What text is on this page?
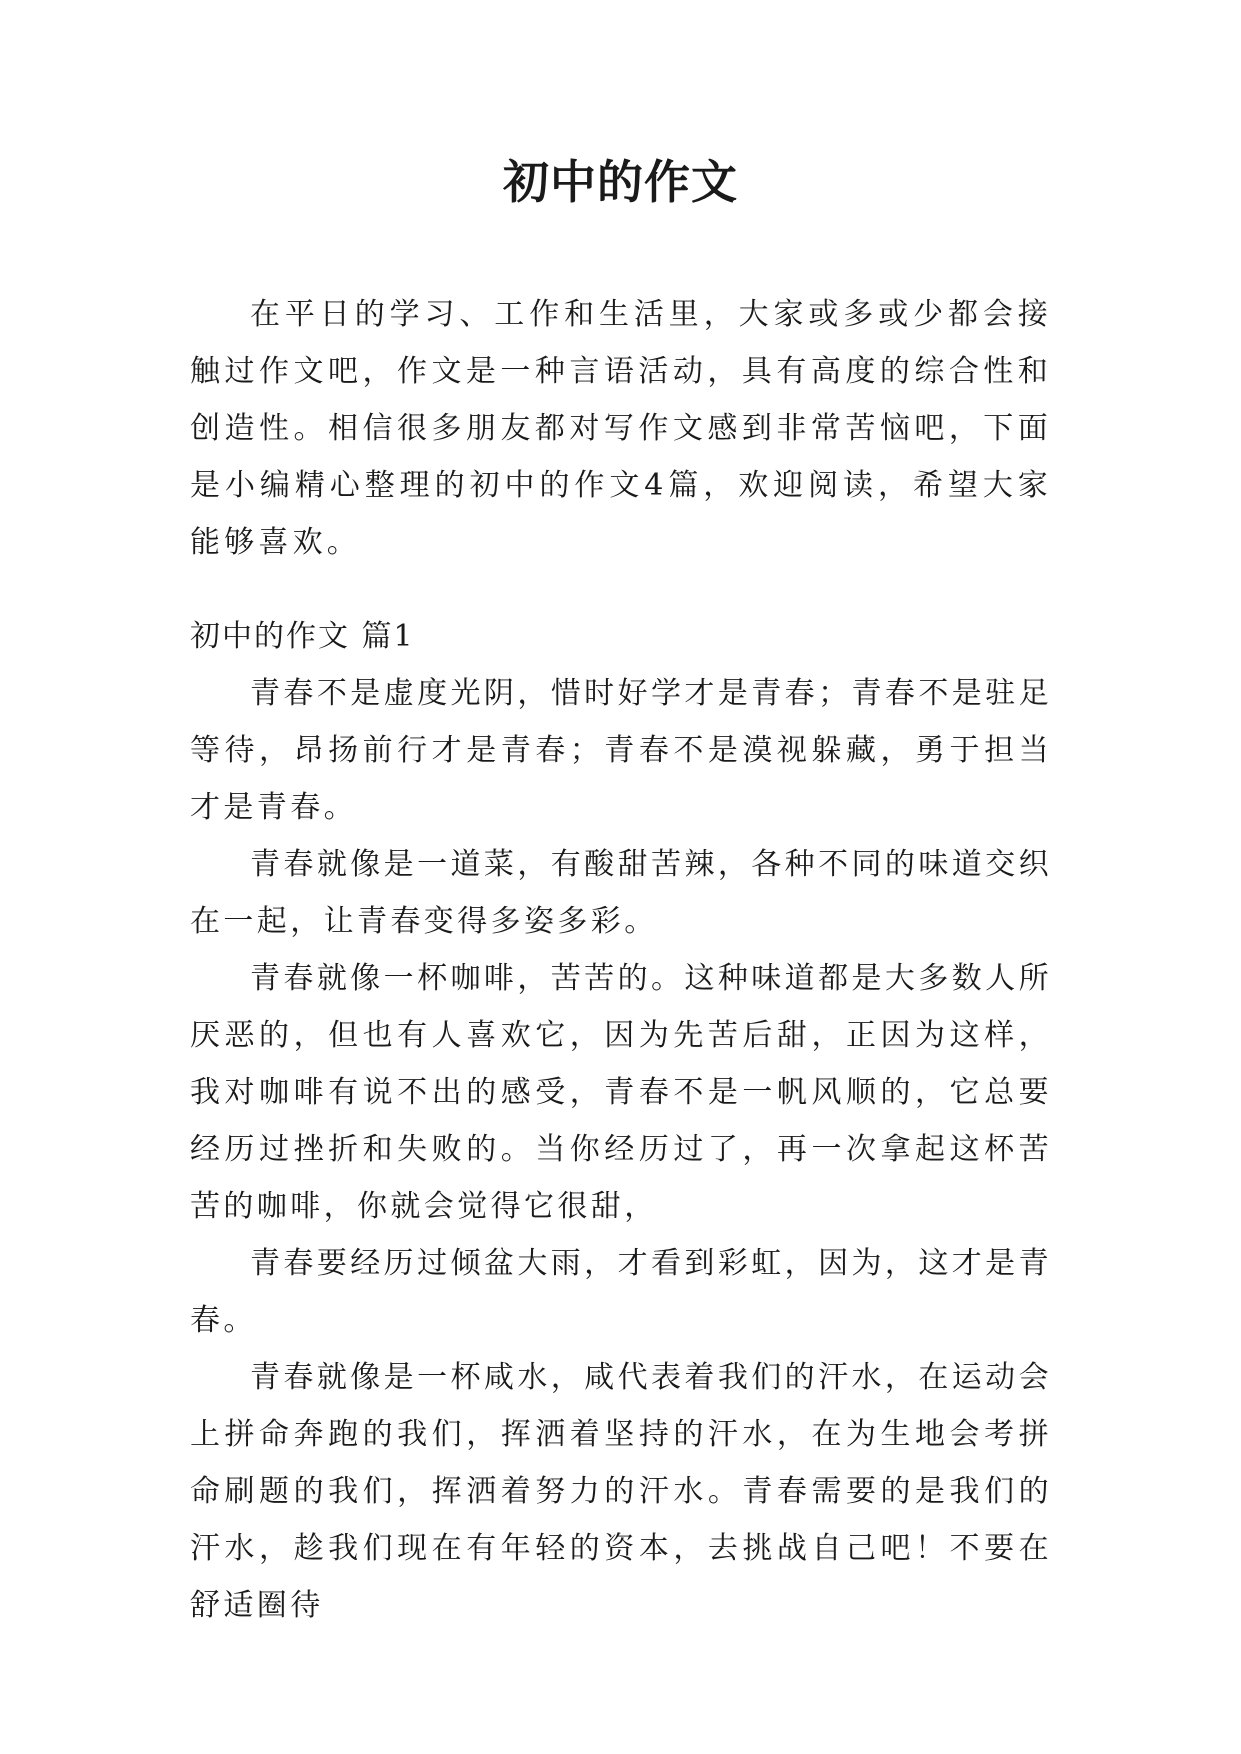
初中的作文

在平日的学习、工作和生活里，大家或多或少都会接触过作文吧，作文是一种言语活动，具有高度的综合性和创造性。相信很多朋友都对写作文感到非常苦恼吧，下面是小编精心整理的初中的作文4篇，欢迎阅读，希望大家能够喜欢。

初中的作文 篇1

青春不是虚度光阴，惜时好学才是青春；青春不是驻足等待，昂扬前行才是青春；青春不是漠视躲藏，勇于担当才是青春。

青春就像是一道菜，有酸甜苦辣，各种不同的味道交织在一起，让青春变得多姿多彩。

青春就像一杯咖啡，苦苦的。这种味道都是大多数人所厌恶的，但也有人喜欢它，因为先苦后甜，正因为这样，我对咖啡有说不出的感受，青春不是一帆风顺的，它总要经历过挫折和失败的。当你经历过了，再一次拿起这杯苦苦的咖啡，你就会觉得它很甜，

青春要经历过倾盆大雨，才看到彩虹，因为，这才是青春。

青春就像是一杯咸水，咸代表着我们的汗水，在运动会上拼命奔跑的我们，挥洒着坚持的汗水，在为生地会考拼命刷题的我们，挥洒着努力的汗水。青春需要的是我们的汗水，趁我们现在有年轻的资本，去挑战自己吧！不要在舒适圈待
